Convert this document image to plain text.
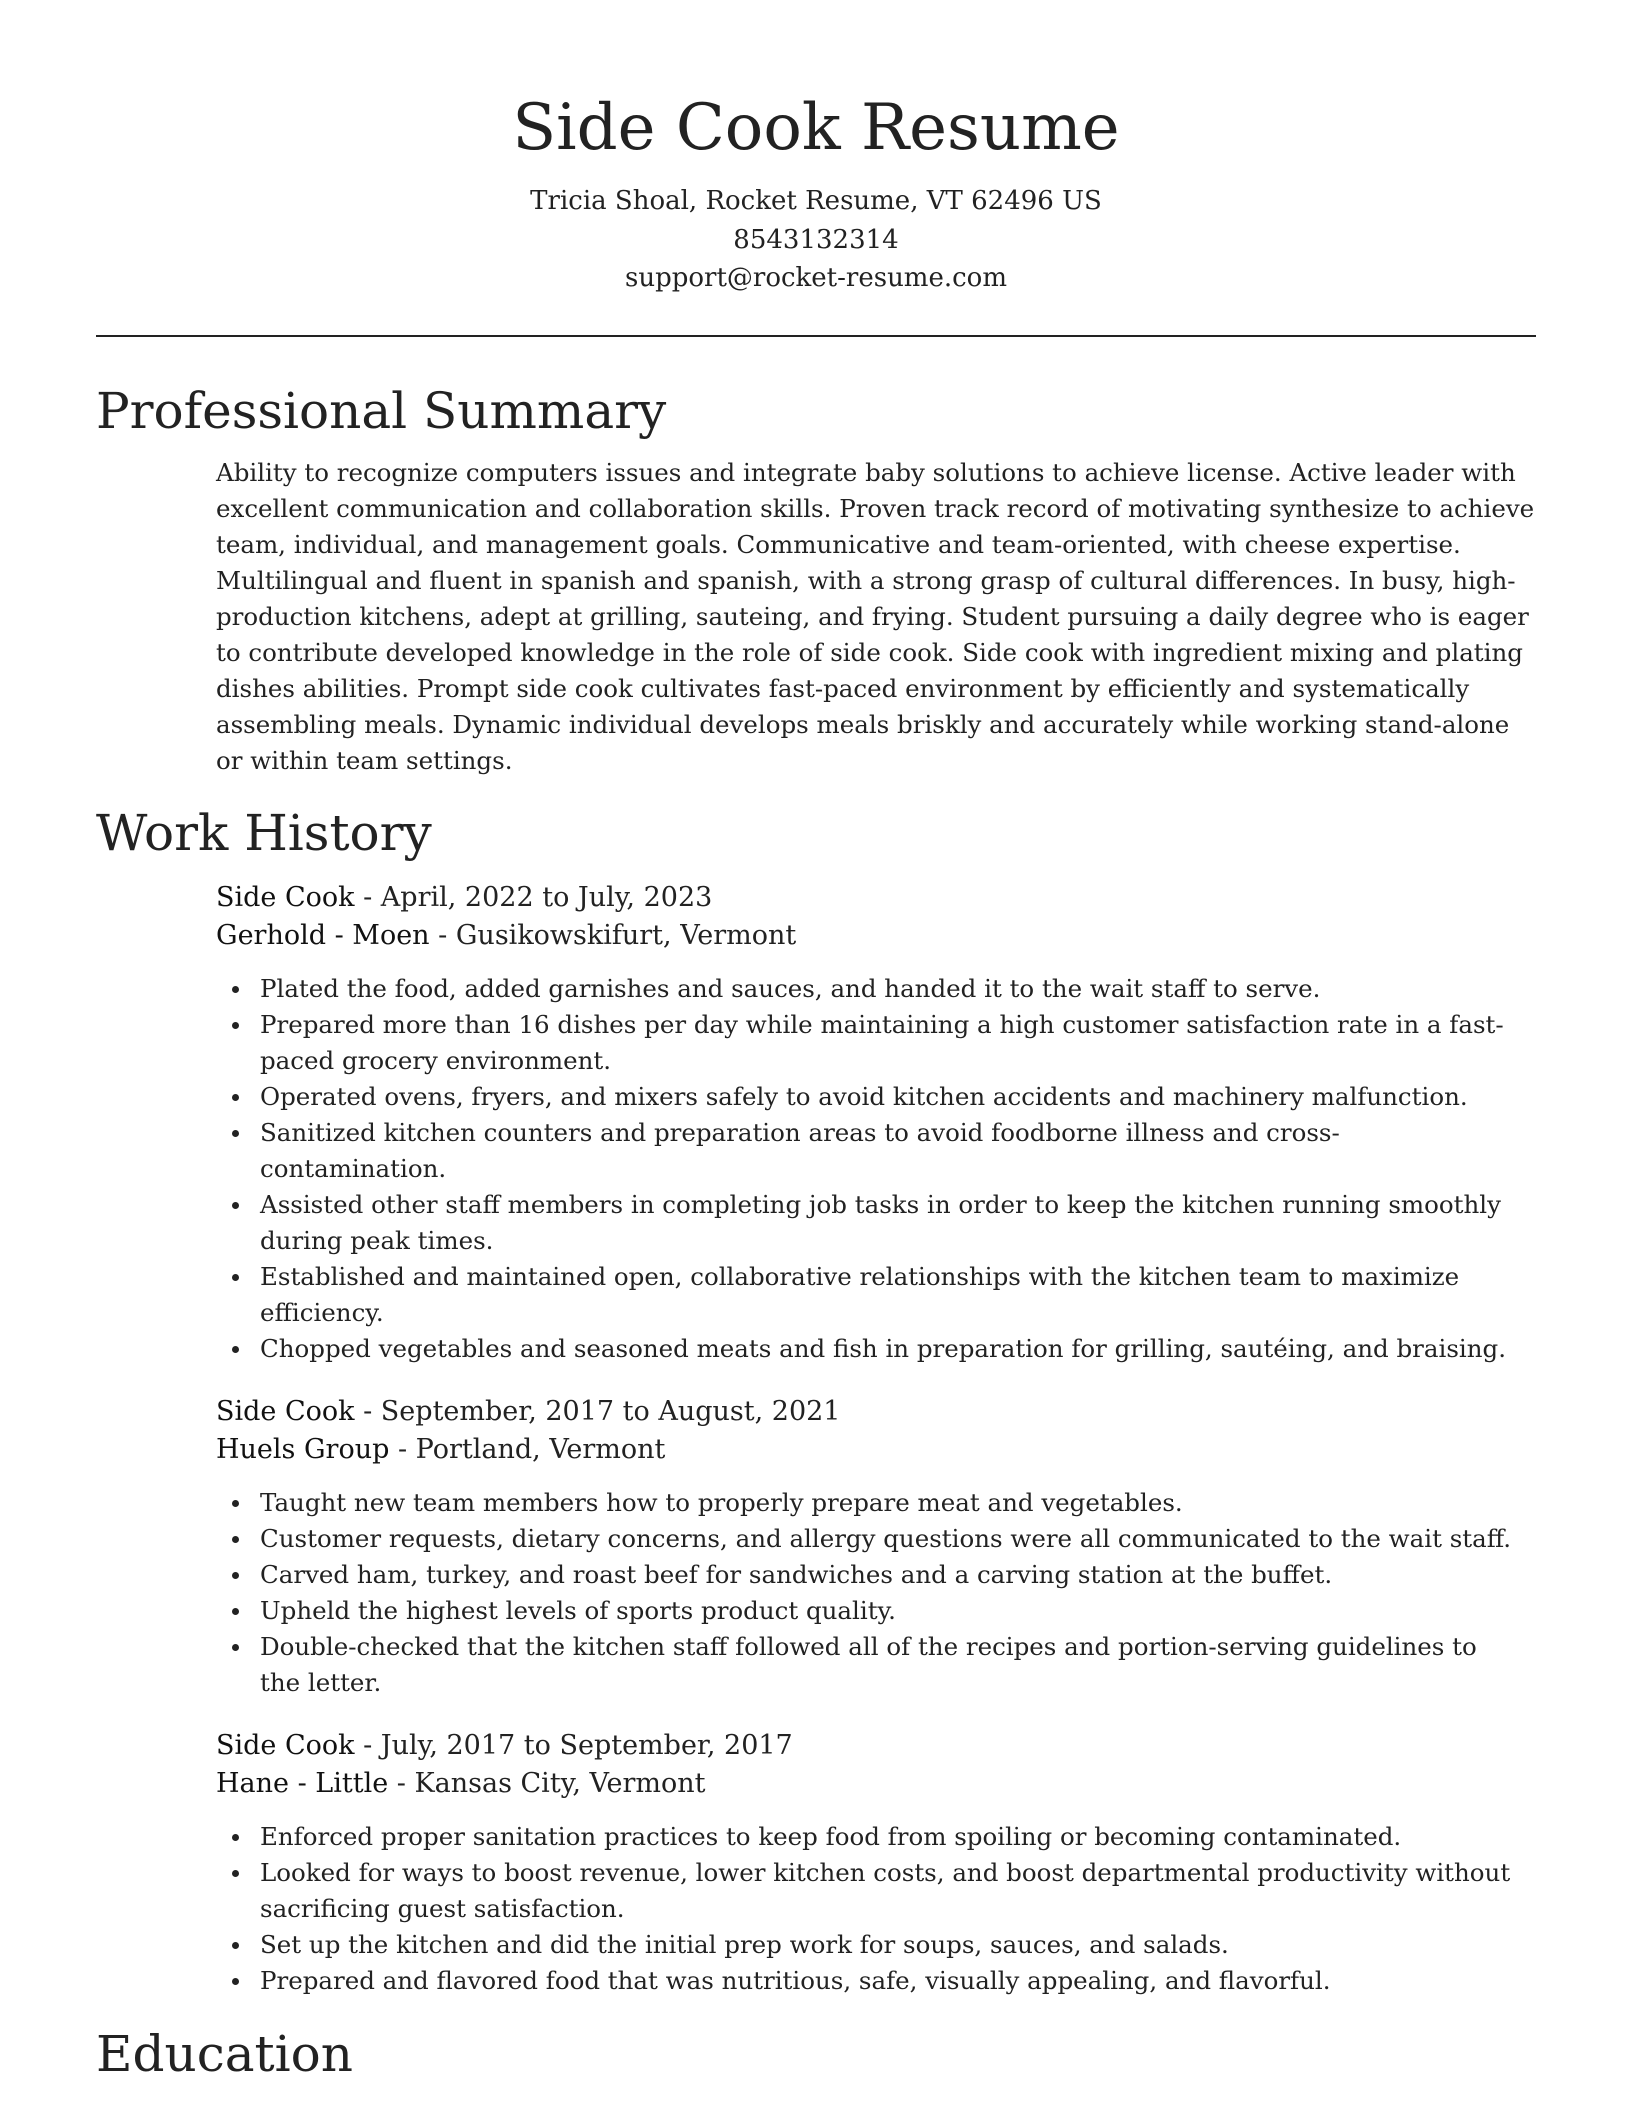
Side Cook Resume
Tricia Shoal, Rocket Resume, VT 62496 US
8543132314
support@rocket-resume.com
Professional Summary
Ability to recognize computers issues and integrate baby solutions to achieve license. Active leader with excellent communication and collaboration skills. Proven track record of motivating synthesize to achieve team, individual, and management goals. Communicative and team-oriented, with cheese expertise. Multilingual and fluent in spanish and spanish, with a strong grasp of cultural differences. In busy, high-production kitchens, adept at grilling, sauteing, and frying. Student pursuing a daily degree who is eager to contribute developed knowledge in the role of side cook. Side cook with ingredient mixing and plating dishes abilities. Prompt side cook cultivates fast-paced environment by efficiently and systematically assembling meals. Dynamic individual develops meals briskly and accurately while working stand-alone or within team settings.
Work History
Side Cook - April, 2022 to July, 2023
Gerhold - Moen - Gusikowskifurt, Vermont
Plated the food, added garnishes and sauces, and handed it to the wait staff to serve.
Prepared more than 16 dishes per day while maintaining a high customer satisfaction rate in a fast-paced grocery environment.
Operated ovens, fryers, and mixers safely to avoid kitchen accidents and machinery malfunction.
Sanitized kitchen counters and preparation areas to avoid foodborne illness and cross-contamination.
Assisted other staff members in completing job tasks in order to keep the kitchen running smoothly during peak times.
Established and maintained open, collaborative relationships with the kitchen team to maximize efficiency.
Chopped vegetables and seasoned meats and fish in preparation for grilling, sautéing, and braising.
Side Cook - September, 2017 to August, 2021
Huels Group - Portland, Vermont
Taught new team members how to properly prepare meat and vegetables.
Customer requests, dietary concerns, and allergy questions were all communicated to the wait staff.
Carved ham, turkey, and roast beef for sandwiches and a carving station at the buffet.
Upheld the highest levels of sports product quality.
Double-checked that the kitchen staff followed all of the recipes and portion-serving guidelines to the letter.
Side Cook - July, 2017 to September, 2017
Hane - Little - Kansas City, Vermont
Enforced proper sanitation practices to keep food from spoiling or becoming contaminated.
Looked for ways to boost revenue, lower kitchen costs, and boost departmental productivity without sacrificing guest satisfaction.
Set up the kitchen and did the initial prep work for soups, sauces, and salads.
Prepared and flavored food that was nutritious, safe, visually appealing, and flavorful.
Education
